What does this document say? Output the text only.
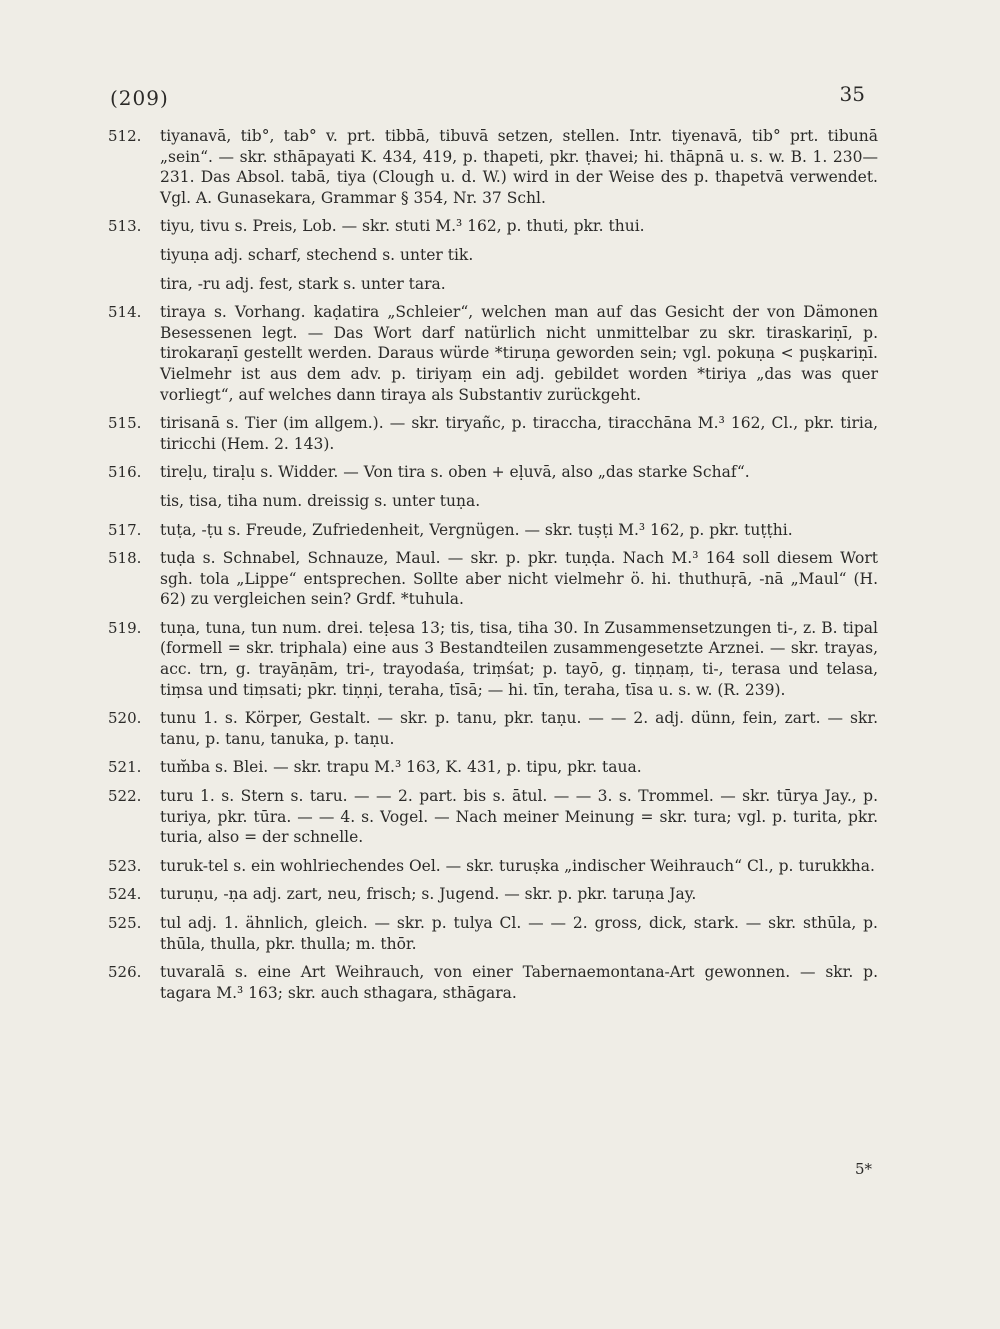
(209)	35
512.	tiyanavā, tib°, tab° v. prt. tibbā, tibuvā setzen, stellen. Intr. tiyenavā, tib° prt. tibunā „sein“. — skr. sthāpayati K. 434, 419, p. thapeti, pkr. ṭhavei; hi. thāpnā u. s. w. B. 1. 230—231. Das Absol. tabā, tiya (Clough u. d. W.) wird in der Weise des p. thapetvā verwendet. Vgl. A. Gunasekara, Grammar § 354, Nr. 37 Schl.
513.	tiyu, tivu s. Preis, Lob. — skr. stuti M.³ 162, p. thuti, pkr. thui.
tiyuṇa adj. scharf, stechend s. unter tik.
tira, -ru adj. fest, stark s. unter tara.
514.	tiraya s. Vorhang. kaḍatira „Schleier“, welchen man auf das Gesicht der von Dämonen Besessenen legt. — Das Wort darf natürlich nicht unmittelbar zu skr. tiraskariṇī, p. tirokaraṇī gestellt werden. Daraus würde *tiruṇa geworden sein; vgl. pokuṇa < puṣkariṇī. Vielmehr ist aus dem adv. p. tiriyaṃ ein adj. gebildet worden *tiriya „das was quer vorliegt“, auf welches dann tiraya als Substantiv zurückgeht.
515.	tirisanā s. Tier (im allgem.). — skr. tiryañc, p. tiraccha, tiracchāna M.³ 162, Cl., pkr. tiria, tiricchi (Hem. 2. 143).
516.	tireḷu, tiraḷu s. Widder. — Von tira s. oben + eḷuvā, also „das starke Schaf“.
tis, tisa, tiha num. dreissig s. unter tuṇa.
517.	tuṭa, -ṭu s. Freude, Zufriedenheit, Vergnügen. — skr. tuṣṭi M.³ 162, p. pkr. tuṭṭhi.
518.	tuḍa s. Schnabel, Schnauze, Maul. — skr. p. pkr. tuṇḍa. Nach M.³ 164 soll diesem Wort sgh. tola „Lippe“ entsprechen. Sollte aber nicht vielmehr ö. hi. thuthuṛā, -nā „Maul“ (H. 62) zu vergleichen sein? Grdf. *tuhula.
519.	tuṇa, tuna, tun num. drei. teḷesa 13; tis, tisa, tiha 30. In Zusammensetzungen ti-, z. B. tipal (formell = skr. triphala) eine aus 3 Bestandteilen zusammengesetzte Arznei. — skr. trayas, acc. trn, g. trayāṇām, tri-, trayodaśa, triṃśat; p. tayō, g. tiṇṇaṃ, ti-, terasa und telasa, tiṃsa und tiṃsati; pkr. tiṇṇi, teraha, tīsā; — hi. tīn, teraha, tīsa u. s. w. (R. 239).
520.	tunu 1. s. Körper, Gestalt. — skr. p. tanu, pkr. taṇu. — — 2. adj. dünn, fein, zart. — skr. tanu, p. tanu, tanuka, p. taṇu.
521.	tum̆ba s. Blei. — skr. trapu M.³ 163, K. 431, p. tipu, pkr. taua.
522.	turu 1. s. Stern s. taru. — — 2. part. bis s. ātul. — — 3. s. Trommel. — skr. tūrya Jay., p. turiya, pkr. tūra. — — 4. s. Vogel. — Nach meiner Meinung = skr. tura; vgl. p. turita, pkr. turia, also = der schnelle.
523.	turuk-tel s. ein wohlriechendes Oel. — skr. turuṣka „indischer Weihrauch“ Cl., p. turukkha.
524.	turuṇu, -ṇa adj. zart, neu, frisch; s. Jugend. — skr. p. pkr. taruṇa Jay.
525.	tul adj. 1. ähnlich, gleich. — skr. p. tulya Cl. — — 2. gross, dick, stark. — skr. sthūla, p. thūla, thulla, pkr. thulla; m. thōr.
526.	tuvaralā s. eine Art Weihrauch, von einer Tabernaemontana-Art gewonnen. — skr. p. tagara M.³ 163; skr. auch sthagara, sthāgara.
5*
